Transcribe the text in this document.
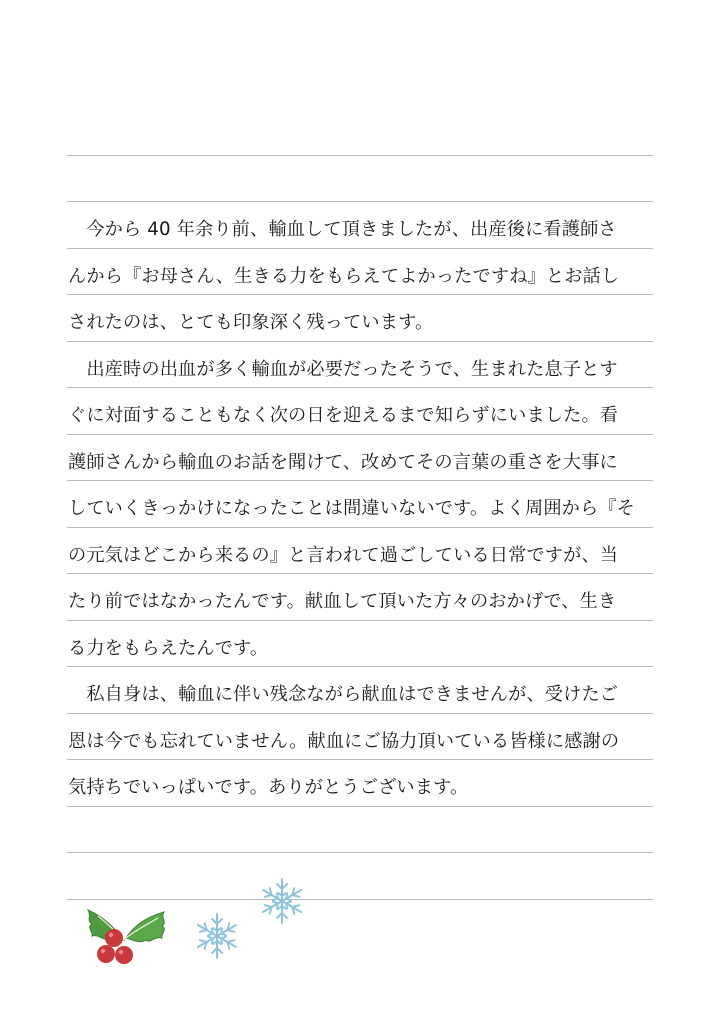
　今から 40 年余り前、輸血して頂きましたが、出産後に看護師さ
んから『お母さん、生きる力をもらえてよかったですね』とお話し
されたのは、とても印象深く残っています。
　出産時の出血が多く輸血が必要だったそうで、生まれた息子とす
ぐに対面することもなく次の日を迎えるまで知らずにいました。看
護師さんから輸血のお話を聞けて、改めてその言葉の重さを大事に
していくきっかけになったことは間違いないです。よく周囲から『そ
の元気はどこから来るの』と言われて過ごしている日常ですが、当
たり前ではなかったんです。献血して頂いた方々のおかげで、生き
る力をもらえたんです。
　私自身は、輸血に伴い残念ながら献血はできませんが、受けたご
恩は今でも忘れていません。献血にご協力頂いている皆様に感謝の
気持ちでいっぱいです。ありがとうございます。
